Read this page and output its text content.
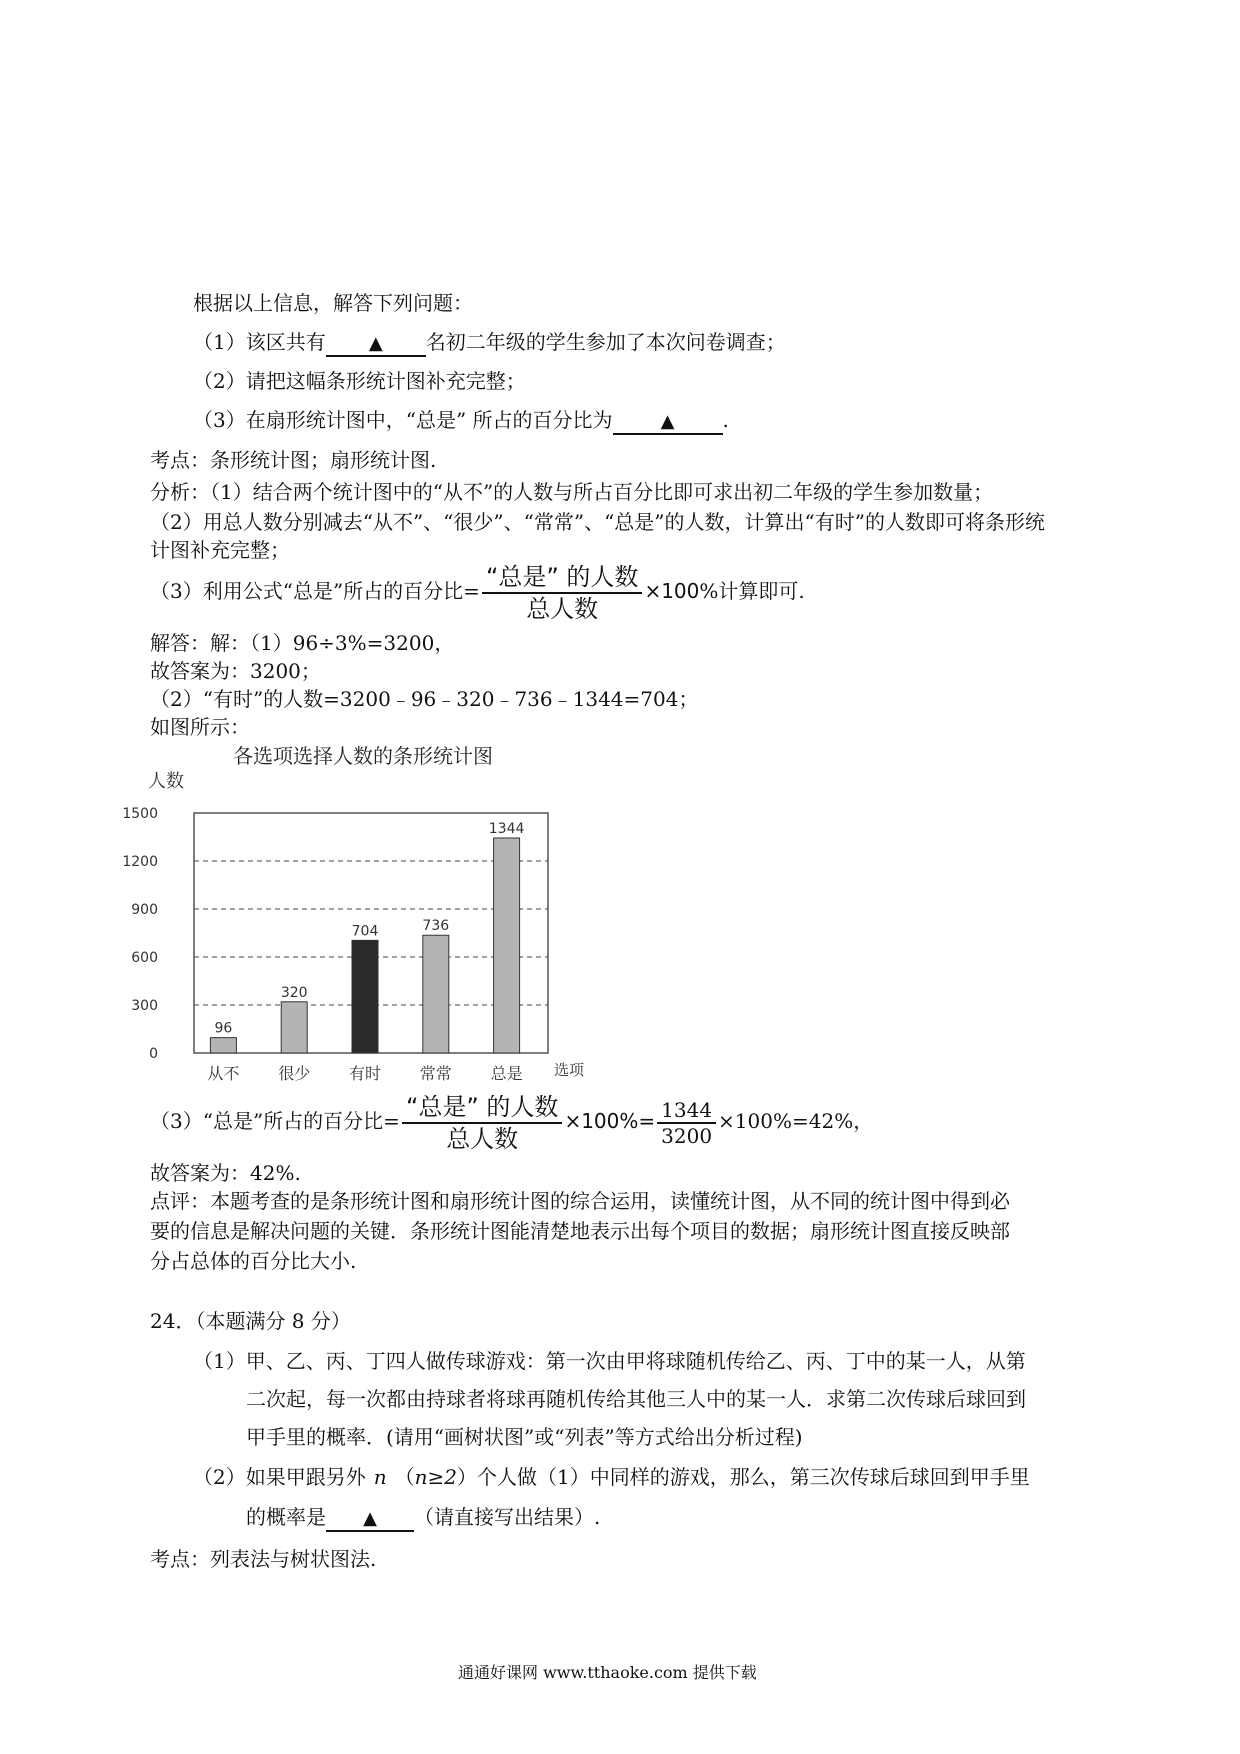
根据以上信息，解答下列问题：
（1）该区共有 ▲ 名初二年级的学生参加了本次问卷调查；
（2）请把这幅条形统计图补充完整；
（3）在扇形统计图中，“总是” 所占的百分比为	▲ .
考点：条形统计图；扇形统计图.
分析：（1）结合两个统计图中的“从不”的人数与所占百分比即可求出初二年级的学生参加数量；
（2）用总人数分别减去“从不”、“很少”、“常常”、“总是”的人数，计算出“有时”的人数即可将条形统
计图补充完整；
（3）利用公式“总是”所占的百分比= $\frac{\text{“总是” 的人数}}{\text{总人数}} \times 100\%$计算即可.
解答：解：（1）96÷3%=3200，
故答案为：3200；
（2）“有时”的人数=3200﹣96﹣320﹣736﹣1344=704；
如图所示：
各选项选择人数的条形统计图
0
300
600
900
1200
1500
人数
96
从不
320
很少
704
有时
736
常常
1344
总是 选项
（3）“总是”所占的百分比= $\frac{\text{“总是” 的人数}}{\text{总人数}} \times 100\%= \frac{1344}{3200} \times 100\%=42\%$，
故答案为：42%.
点评：本题考查的是条形统计图和扇形统计图的综合运用，读懂统计图，从不同的统计图中得到必
要的信息是解决问题的关键．条形统计图能清楚地表示出每个项目的数据；扇形统计图直接反映部
分占总体的百分比大小.
24．（本题满分 8 分）
（1）甲、乙、丙、丁四人做传球游戏：第一次由甲将球随机传给乙、丙、丁中的某一人，从第
二次起，每一次都由持球者将球再随机传给其他三人中的某一人．求第二次传球后球回到
甲手里的概率．(请用“画树状图”或“列表”等方式给出分析过程)
（2）如果甲跟另外 n （n≥2）个人做（1）中同样的游戏，那么，第三次传球后球回到甲手里
的概率是 ▲ （请直接写出结果）.
考点：列表法与树状图法.
通通好课网 www.tthaoke.com 提供下载
